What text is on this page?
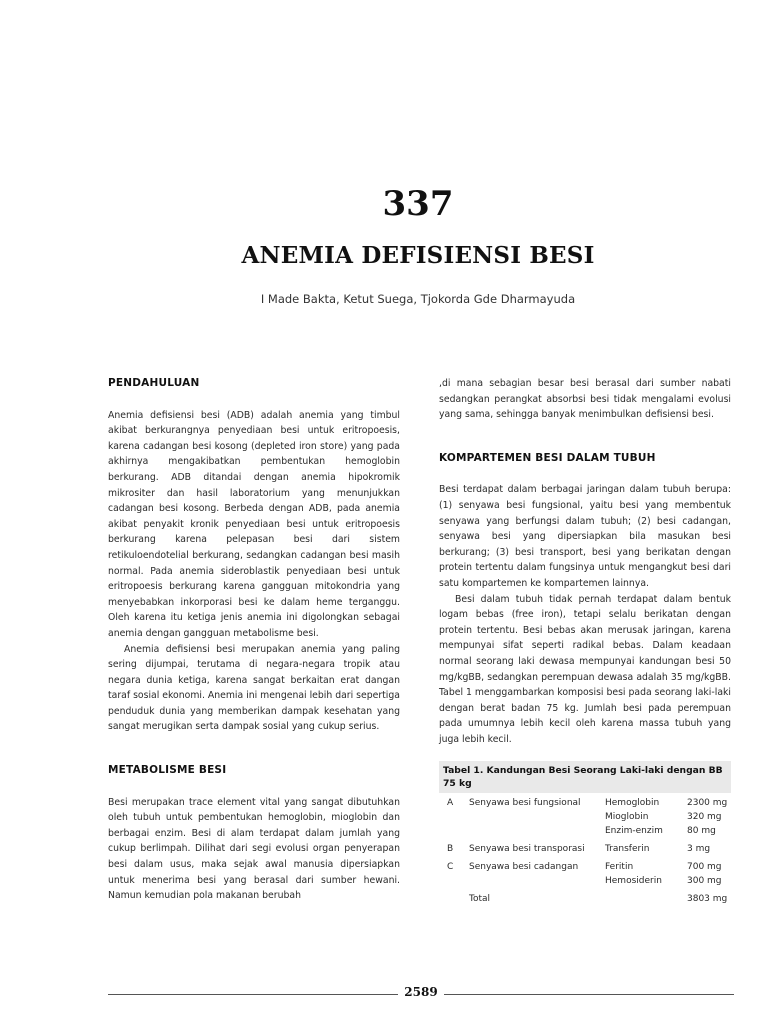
337
ANEMIA DEFISIENSI BESI
I Made Bakta, Ketut Suega, Tjokorda Gde Dharmayuda
PENDAHULUAN

Anemia defisiensi besi (ADB) adalah anemia yang timbul akibat berkurangnya penyediaan besi untuk eritropoesis, karena cadangan besi kosong (depleted iron store) yang pada akhirnya mengakibatkan pembentukan hemoglobin berkurang. ADB ditandai dengan anemia hipokromik mikrositer dan hasil laboratorium yang menunjukkan cadangan besi kosong. Berbeda dengan ADB, pada anemia akibat penyakit kronik penyediaan besi untuk eritropoesis berkurang karena pelepasan besi dari sistem retikuloendotelial berkurang, sedangkan cadangan besi masih normal. Pada anemia sideroblastik penyediaan besi untuk eritropoesis berkurang karena gangguan mitokondria yang menyebabkan inkorporasi besi ke dalam heme terganggu. Oleh karena itu ketiga jenis anemia ini digolongkan sebagai anemia dengan gangguan metabolisme besi.

Anemia defisiensi besi merupakan anemia yang paling sering dijumpai, terutama di negara-negara tropik atau negara dunia ketiga, karena sangat berkaitan erat dangan taraf sosial ekonomi. Anemia ini mengenai lebih dari sepertiga penduduk dunia yang memberikan dampak kesehatan yang sangat merugikan serta dampak sosial yang cukup serius.

METABOLISME BESI

Besi merupakan trace element vital yang sangat dibutuhkan oleh tubuh untuk pembentukan hemoglobin, mioglobin dan berbagai enzim. Besi di alam terdapat dalam jumlah yang cukup berlimpah. Dilihat dari segi evolusi organ penyerapan besi dalam usus, maka sejak awal manusia dipersiapkan untuk menerima besi yang berasal dari sumber hewani. Namun kemudian pola makanan berubah

,di mana sebagian besar besi berasal dari sumber nabati sedangkan perangkat absorbsi besi tidak mengalami evolusi yang sama, sehingga banyak menimbulkan defisiensi besi.

KOMPARTEMEN BESI DALAM TUBUH

Besi terdapat dalam berbagai jaringan dalam tubuh berupa: (1) senyawa besi fungsional, yaitu besi yang membentuk senyawa yang berfungsi dalam tubuh; (2) besi cadangan, senyawa besi yang dipersiapkan bila masukan besi berkurang; (3) besi transport, besi yang berikatan dengan protein tertentu dalam fungsinya untuk mengangkut besi dari satu kompartemen ke kompartemen lainnya.

Besi dalam tubuh tidak pernah terdapat dalam bentuk logam bebas (free iron), tetapi selalu berikatan dengan protein tertentu. Besi bebas akan merusak jaringan, karena mempunyai sifat seperti radikal bebas. Dalam keadaan normal seorang laki dewasa mempunyai kandungan besi 50 mg/kgBB, sedangkan perempuan dewasa adalah 35 mg/kgBB. Tabel 1 menggambarkan komposisi besi pada seorang laki-laki dengan berat badan 75 kg. Jumlah besi pada perempuan pada umumnya lebih kecil oleh karena massa tubuh yang juga lebih kecil.

Tabel 1. Kandungan Besi Seorang Laki-laki dengan BB 75 kg
A	Senyawa besi fungsional	Hemoglobin	2300 mg
		Mioglobin	320 mg
		Enzim-enzim	80 mg
B	Senyawa besi transporasi	Transferin	3 mg
C	Senyawa besi cadangan	Feritin	700 mg
		Hemosiderin	300 mg
	Total		3803 mg
2589
